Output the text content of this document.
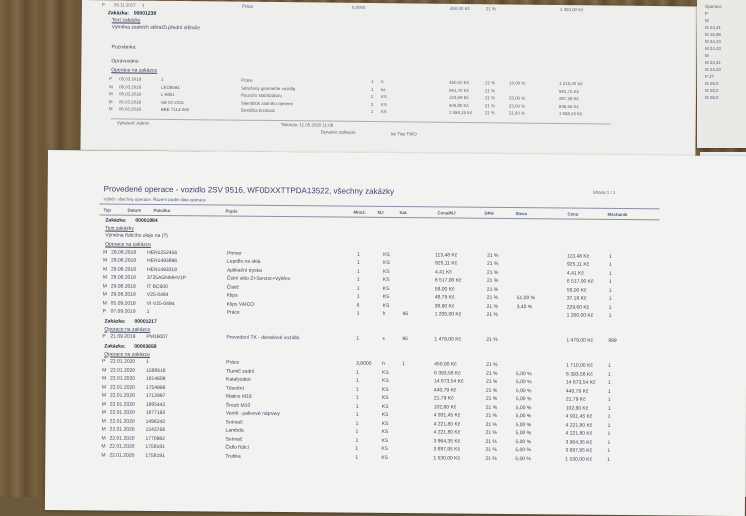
P 05.11.2017 1	Práce	0,0000	450,00 Kč	21 %	1 350,00 Kč
Zakázka: 00001238
Text zakázky
Výměna zadních stěračů přední stěrače
Poznámka:
Opravováno
Operace na zakázce
P 05.03.2018	1	Práce	1 h	450,00 Kč	21 %	10,00 %	1 215,00 Kč
M 06.03.2018	LEO8584	Sdružený geometrie vozidla	1 ks	991,70 Kč	21 %	991,70 Kč
M 06.03.2018	L-6851	Pouzdro stabilizátoru	2 KS	143,69 Kč	21 %	23,00 %	287,28 Kč
M 06.03.2018	SB 02-2151	Silentblok zadního ramene	2 KS	406,80 Kč	21 %	23,00 %	836,94 Kč
M 06.03.2018	BBE 7114-060	Destička brzdová	1 KS	1 558,15 Kč	21 %	21,00 %	1 558,15 Kč
Vyhotovil: Admin	Tisknuto: 11.05.2020 11:08
Dynamic software	Icy Tiss TWO
Operace
P
M
M 24,41
M 15,98
M 24,43
M 24,43
M
M 24,41
M 24,43
P 27
M 28,0
M 28,0
M 28,0
Provedené operace - vozidlo 2SV 9516, WF0DXXTTPDA13522, všechny zakázky	Strana 1 / 1
Výběr: všechny operace. Řazení podle data operace
Typ	Datum	Položka	Popis	Množ.	MJ	Kat.	Cena/MJ	DPH	Sleva	Cena	Mechanik
Zakázka: 00001884
Text zakázky
Výměna řídicího oleje na (?)
Operace na zakázce
M 29.08.2018 HEN1252456	Primer	1	KS	113,48 Kč	21 %	113,48 Kč	1
M 29.08.2018 HEN1493898	Lepidlo na skla	1	KS	925,11 Kč	21 %	925,11 Kč	1
M 29.08.2018 HEN1493318	Aplikační tryska	1	KS	4,41 Kč	21 %	4,41 Kč	1
M 29.08.2018 3735AGNMHV1P	Čelní sklo Z+Senzor+Vyhřev	1	KS	6 517,00 Kč	21 %	6 517,00 Kč	1
M 29.08.2018 IT BC600	Čistič	1	KS	58,00 Kč	21 %	58,00 Kč	1
M 29.08.2018 V25-0494	Klips	1	KS	48,79 Kč	21 %	51,00 %	37,18 Kč	1
M 05.09.2018 VI V25-0494	Klips VAICO	6	KS	39,60 Kč	21 %	3,40 %	229,60 Kč	1
P 07.09.2018 1	Práce	1	h	95	1 200,00 Kč	21 %	1 200,00 Kč	1
Zakázka: 00001217
Operace na zakázce
P 21.09.2019 PM16007	Provedení TK - dieselové vozidlo	1	x	95	1 479,00 Kč	21 %	1 479,00 Kč	999
Zakázka: 00003658
Operace na zakázce
P 22.01.2020 1	Práce	3,8000 h	1	450,00 Kč	21 %	1 710,00 Kč	1
M 22.01.2020 1588618	Tlumič zadní	1	KS	6 393,56 Kč	21 %	5,00 %	6 393,56 Kč	1
M 22.01.2020 1814609	Katalyzátor	1	KS	14 673,54 Kč	21 %	5,00 %	14 673,54 Kč 1
M 22.01.2020 1754986	Těsnění	1	KS	440,79 Kč	21 %	5,00 %	440,79 Kč	1
M 22.01.2020 1712997	Matice M18	1	KS	21,79 Kč	21 %	5,00 %	21,79 Kč	1
M 22.01.2020 1865442	Šroub M10	1	KS	102,80 Kč	21 %	5,00 %	102,80 Kč	1
M 22.01.2020 1877192	Ventil - palivové nápravy	1	KS	4 931,45 Kč	21 %	5,00 %	4 931,45 Kč	1
M 22.01.2020 1496242	Snímač	1	KS	4 221,80 Kč	21 %	5,00 %	4 221,80 Kč	1
M 22.01.2020 1543768	Lambda	1	KS	4 221,80 Kč	21 %	5,00 %	4 221,80 Kč	1
M 22.01.2020 1770982	Snímač	1	KS	3 964,35 Kč	21 %	5,00 %	3 964,35 Kč	1
M 22.01.2020 1758191	Čidlo řídicí	1	KS	3 897,95 Kč	21 %	5,00 %	3 897,95 Kč	1
M 22.01.2020 1758191	Trubka	1	KS	1 530,00 Kč	21 %	5,00 %	1 530,00 Kč	1
